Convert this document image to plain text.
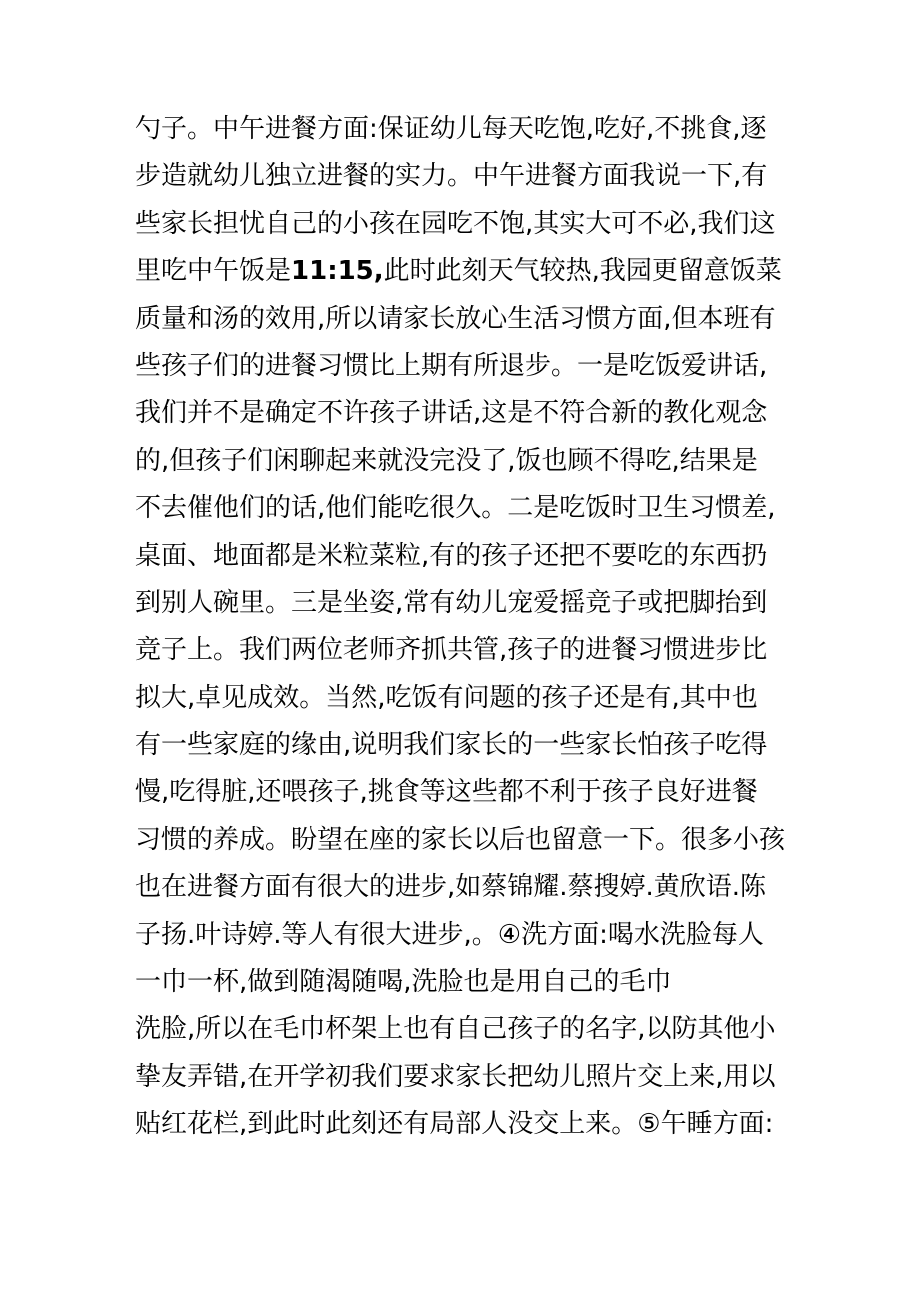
勺子。中午进餐方面:保证幼儿每天吃饱,吃好,不挑食,逐
步造就幼儿独立进餐的实力。中午进餐方面我说一下,有
些家长担忧自己的小孩在园吃不饱,其实大可不必,我们这
里吃中午饭是11:15,此时此刻天气较热,我园更留意饭菜
质量和汤的效用,所以请家长放心生活习惯方面,但本班有
些孩子们的进餐习惯比上期有所退步。一是吃饭爱讲话,
我们并不是确定不许孩子讲话,这是不符合新的教化观念
的,但孩子们闲聊起来就没完没了,饭也顾不得吃,结果是
不去催他们的话,他们能吃很久。二是吃饭时卫生习惯差,
桌面、地面都是米粒菜粒,有的孩子还把不要吃的东西扔
到别人碗里。三是坐姿,常有幼儿宠爱摇竞子或把脚抬到
竞子上。我们两位老师齐抓共管,孩子的进餐习惯进步比
拟大,卓见成效。当然,吃饭有问题的孩子还是有,其中也
有一些家庭的缘由,说明我们家长的一些家长怕孩子吃得
慢,吃得脏,还喂孩子,挑食等这些都不利于孩子良好进餐
习惯的养成。盼望在座的家长以后也留意一下。很多小孩
也在进餐方面有很大的进步,如蔡锦耀.蔡搜婷.黄欣语.陈
子扬.叶诗婷.等人有很大进步,。④洗方面:喝水洗脸每人
一巾一杯,做到随渴随喝,洗脸也是用自己的毛巾
洗脸,所以在毛巾杯架上也有自己孩子的名字,以防其他小
挚友弄错,在开学初我们要求家长把幼儿照片交上来,用以
贴红花栏,到此时此刻还有局部人没交上来。⑤午睡方面:
